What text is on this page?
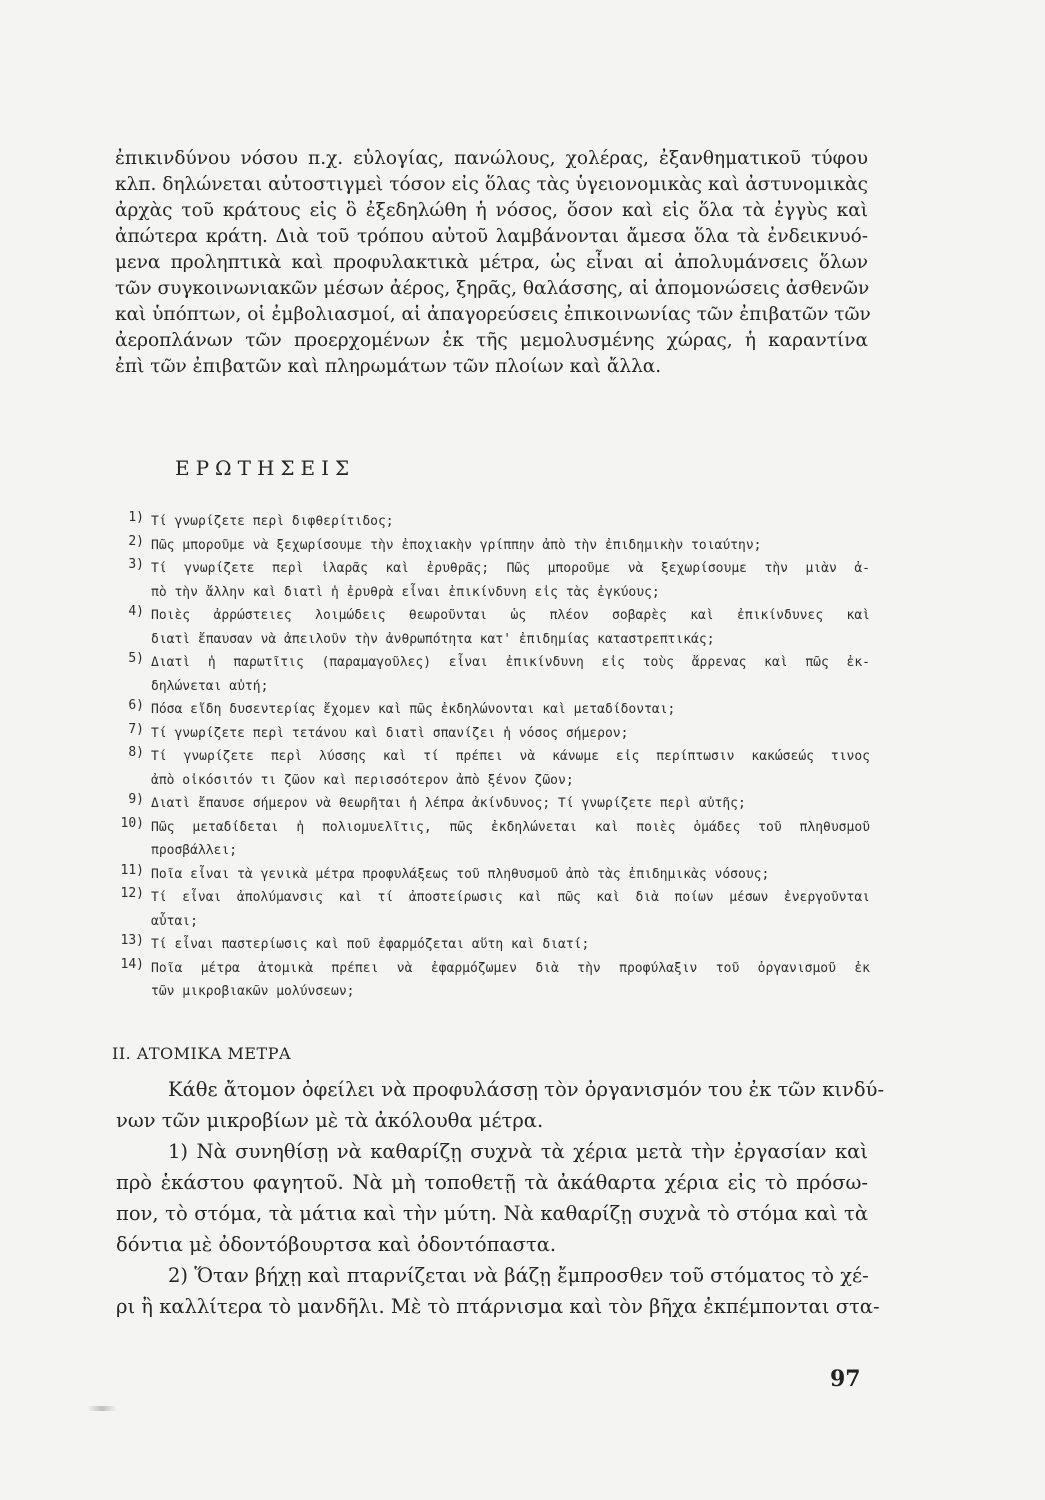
ἐπικινδύνου νόσου π.χ. εὐλογίας, πανώλους, χολέρας, ἐξανθηματικοῦ τύφου
κλπ. δηλώνεται αὐτοστιγμεὶ τόσον εἰς ὅλας τὰς ὑγειονομικὰς καὶ ἀστυνομικὰς
ἀρχὰς τοῦ κράτους εἰς ὃ ἐξεδηλώθη ἡ νόσος, ὅσον καὶ εἰς ὅλα τὰ ἐγγὺς καὶ
ἀπώτερα κράτη. Διὰ τοῦ τρόπου αὐτοῦ λαμβάνονται ἄμεσα ὅλα τὰ ἐνδεικνυό-
μενα προληπτικὰ καὶ προφυλακτικὰ μέτρα, ὡς εἶναι αἱ ἀπολυμάνσεις ὅλων
τῶν συγκοινωνιακῶν μέσων ἀέρος, ξηρᾶς, θαλάσσης, αἱ ἀπομονώσεις ἀσθενῶν
καὶ ὑπόπτων, οἱ ἐμβολιασμοί, αἱ ἀπαγορεύσεις ἐπικοινωνίας τῶν ἐπιβατῶν τῶν
ἀεροπλάνων τῶν προερχομένων ἐκ τῆς μεμολυσμένης χώρας, ἡ καραντίνα
ἐπὶ τῶν ἐπιβατῶν καὶ πληρωμάτων τῶν πλοίων καὶ ἄλλα.
ΕΡΩΤΗΣΕΙΣ
1) Τί γνωρίζετε περὶ διφθερίτιδος;
2) Πῶς μποροῦμε νὰ ξεχωρίσουμε τὴν ἐποχιακὴν γρίππην ἀπὸ τὴν ἐπιδημικὴν τοιαύτην;
3) Τί γνωρίζετε περὶ ἱλαρᾶς καὶ ἐρυθρᾶς; Πῶς μποροῦμε νὰ ξεχωρίσουμε τὴν μιὰν ἀ-
πὸ τὴν ἄλλην καὶ διατὶ ἡ ἐρυθρὰ εἶναι ἐπικίνδυνη εἰς τὰς ἐγκύους;
4) Ποιὲς ἀρρώστειες λοιμώδεις θεωροῦνται ὡς πλέον σοβαρὲς καὶ ἐπικίνδυνες καὶ
διατὶ ἔπαυσαν νὰ ἀπειλοῦν τὴν ἀνθρωπότητα κατ' ἐπιδημίας καταστρεπτικάς;
5) Διατὶ ἡ παρωτῖτις (παραμαγοῦλες) εἶναι ἐπικίνδυνη εἰς τοὺς ἄρρενας καὶ πῶς ἐκ-
δηλώνεται αὐτή;
6) Πόσα εἴδη δυσεντερίας ἔχομεν καὶ πῶς ἐκδηλώνονται καὶ μεταδίδονται;
7) Τί γνωρίζετε περὶ τετάνου καὶ διατὶ σπανίζει ἡ νόσος σήμερον;
8) Τί γνωρίζετε περὶ λύσσης καὶ τί πρέπει νὰ κάνωμε εἰς περίπτωσιν κακώσεώς τινος
ἀπὸ οἰκόσιτόν τι ζῶον καὶ περισσότερον ἀπὸ ξένον ζῶον;
9) Διατὶ ἔπαυσε σήμερον νὰ θεωρῆται ἡ λέπρα ἀκίνδυνος; Τί γνωρίζετε περὶ αὐτῆς;
10) Πῶς μεταδίδεται ἡ πολιομυελῖτις, πῶς ἐκδηλώνεται καὶ ποιὲς ὁμάδες τοῦ πληθυσμοῦ
προσβάλλει;
11) Ποῖα εἶναι τὰ γενικὰ μέτρα προφυλάξεως τοῦ πληθυσμοῦ ἀπὸ τὰς ἐπιδημικὰς νόσους;
12) Τί εἶναι ἀπολύμανσις καὶ τί ἀποστείρωσις καὶ πῶς καὶ διὰ ποίων μέσων ἐνεργοῦνται
αὗται;
13) Τί εἶναι παστερίωσις καὶ ποῦ ἐφαρμόζεται αὕτη καὶ διατί;
14) Ποῖα μέτρα ἀτομικὰ πρέπει νὰ ἐφαρμόζωμεν διὰ τὴν προφύλαξιν τοῦ ὀργανισμοῦ ἐκ
τῶν μικροβιακῶν μολύνσεων;
II. ΑΤΟΜΙΚΑ ΜΕΤΡΑ
Κάθε ἄτομον ὀφείλει νὰ προφυλάσσῃ τὸν ὀργανισμόν του ἐκ τῶν κινδύ-
νων τῶν μικροβίων μὲ τὰ ἀκόλουθα μέτρα.
1) Νὰ συνηθίσῃ νὰ καθαρίζῃ συχνὰ τὰ χέρια μετὰ τὴν ἐργασίαν καὶ
πρὸ ἑκάστου φαγητοῦ. Νὰ μὴ τοποθετῇ τὰ ἀκάθαρτα χέρια εἰς τὸ πρόσω-
πον, τὸ στόμα, τὰ μάτια καὶ τὴν μύτη. Νὰ καθαρίζῃ συχνὰ τὸ στόμα καὶ τὰ
δόντια μὲ ὀδοντόβουρτσα καὶ ὀδοντόπαστα.
2) Ὅταν βήχῃ καὶ πταρνίζεται νὰ βάζῃ ἔμπροσθεν τοῦ στόματος τὸ χέ-
ρι ἢ καλλίτερα τὸ μανδῆλι. Μὲ τὸ πτάρνισμα καὶ τὸν βῆχα ἐκπέμπονται στα-
97
